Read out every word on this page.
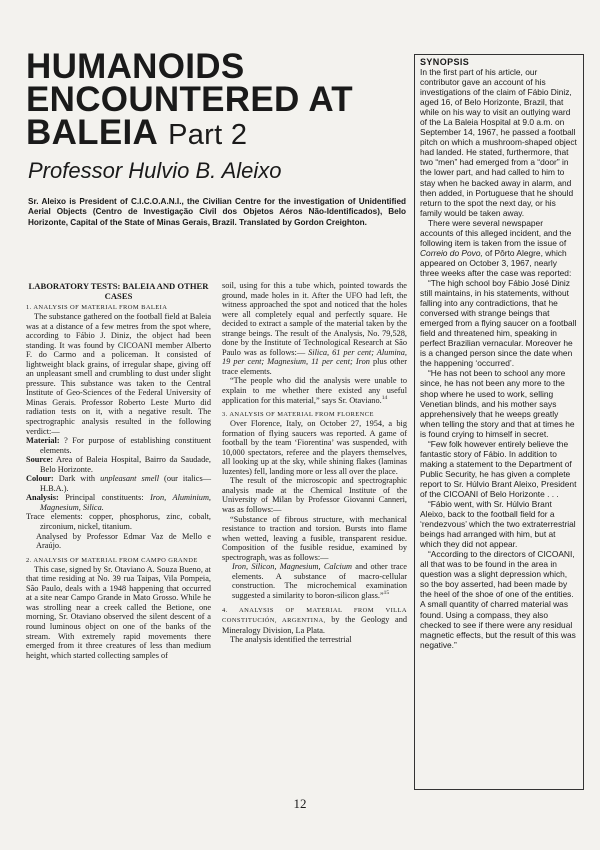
HUMANOIDS
ENCOUNTERED AT
BALEIA Part 2

Professor Hulvio B. Aleixo

Sr. Aleixo is President of C.I.C.O.A.N.I., the Civilian Centre for the investigation of Unidentified Aerial Objects (Centro de Investigação Civil dos Objetos Aéros Não-Identificados), Belo Horizonte, Capital of the State of Minas Gerais, Brazil. Translated by Gordon Creighton.

LABORATORY TESTS: BALEIA AND OTHER CASES
1. ANALYSIS OF MATERIAL FROM BALEIA

The substance gathered on the football field at Baleia was at a distance of a few metres from the spot where, according to Fábio J. Diniz, the object had been standing. It was found by CICOANI member Alberto F. do Carmo and a policeman. It consisted of lightweight black grains, of irregular shape, giving off an unpleasant smell and crumbling to dust under slight pressure. This substance was taken to the Central Institute of Geo-Sciences of the Federal University of Minas Gerais. Professor Roberto Leste Murto did radiation tests on it, with a negative result. The spectrographic analysis resulted in the following verdict:—

Material: ? For purpose of establishing constituent elements.

Source: Area of Baleia Hospital, Bairro da Saudade, Belo Horizonte.

Colour: Dark with unpleasant smell (our italics—H.B.A.).

Analysis: Principal constituents: Iron, Aluminium, Magnesium, Silica.

Trace elements: copper, phosphorus, zinc, cobalt, zirconium, nickel, titanium.

Analysed by Professor Edmar Vaz de Mello e Araújo.

2. ANALYSIS OF MATERIAL FROM CAMPO GRANDE

This case, signed by Sr. Otaviano A. Souza Bueno, at that time residing at No. 39 rua Taipas, Vila Pompeia, São Paulo, deals with a 1948 happening that occurred at a site near Campo Grande in Mato Grosso. While he was strolling near a creek called the Betione, one morning, Sr. Otaviano observed the silent descent of a round luminous object on one of the banks of the stream. With extremely rapid movements there emerged from it three creatures of less than medium height, which started collecting samples of

soil, using for this a tube which, pointed towards the ground, made holes in it. After the UFO had left, the witness approached the spot and noticed that the holes were all completely equal and perfectly square. He decided to extract a sample of the material taken by the strange beings. The result of the Analysis, No. 79,528, done by the Institute of Technological Research at São Paulo was as follows:— Silica, 61 per cent; Alumina, 19 per cent; Magnesium, 11 per cent; Iron plus other trace elements.

“The people who did the analysis were unable to explain to me whether there existed any useful application for this material,” says Sr. Otaviano.$^{14}$

3. ANALYSIS OF MATERIAL FROM FLORENCE

Over Florence, Italy, on October 27, 1954, a big formation of flying saucers was reported. A game of football by the team ‘Fiorentina’ was suspended, with 10,000 spectators, referee and the players themselves, all looking up at the sky, while shining flakes (laminas luzentes) fell, landing more or less all over the place.

The result of the microscopic and spectrographic analysis made at the Chemical Institute of the University of Milan by Professor Giovanni Canneri, was as follows:—

“Substance of fibrous structure, with mechanical resistance to traction and torsion. Bursts into flame when wetted, leaving a fusible, transparent residue. Composition of the fusible residue, examined by spectrograph, was as follows:—

Iron, Silicon, Magnesium, Calcium and other trace elements. A substance of macro-cellular construction. The microchemical examination suggested a similarity to boron-silicon glass.”$^{15}$

4. ANALYSIS OF MATERIAL FROM VILLA CONSTITUCIÓN, ARGENTINA, by the Geology and Mineralogy Division, La Plata.

The analysis identified the terrestrial

SYNOPSIS

In the first part of his article, our contributor gave an account of his investigations of the claim of Fábio Diniz, aged 16, of Belo Horizonte, Brazil, that while on his way to visit an outlying ward of the La Baleia Hospital at 9.0 a.m. on September 14, 1967, he passed a football pitch on which a mushroom-shaped object had landed. He stated, furthermore, that two “men” had emerged from a “door” in the lower part, and had called to him to stay when he backed away in alarm, and then added, in Portuguese that he should return to the spot the next day, or his family would be taken away.

There were several newspaper accounts of this alleged incident, and the following item is taken from the issue of Correio do Povo, of Pôrto Alegre, which appeared on October 3, 1967, nearly three weeks after the case was reported:

“The high school boy Fábio José Diniz still maintains, in his statements, without falling into any contradictions, that he conversed with strange beings that emerged from a flying saucer on a football field and threatened him, speaking in perfect Brazilian vernacular. Moreover he is a changed person since the date when the happening ‘occurred’.

“He has not been to school any more since, he has not been any more to the shop where he used to work, selling Venetian blinds, and his mother says apprehensively that he weeps greatly when telling the story and that at times he is found crying to himself in secret.

“Few folk however entirely believe the fantastic story of Fábio. In addition to making a statement to the Department of Public Security, he has given a complete report to Sr. Húlvio Brant Aleixo, President of the CICOANI of Belo Horizonte . . .

“Fábio went, with Sr. Húlvio Brant Aleixo, back to the football field for a ‘rendezvous’ which the two extraterrestrial beings had arranged with him, but at which they did not appear.

“According to the directors of CICOANI, all that was to be found in the area in question was a slight depression which, so the boy asserted, had been made by the heel of the shoe of one of the entities. A small quantity of charred material was found. Using a compass, they also checked to see if there were any residual magnetic effects, but the result of this was negative.”

12
